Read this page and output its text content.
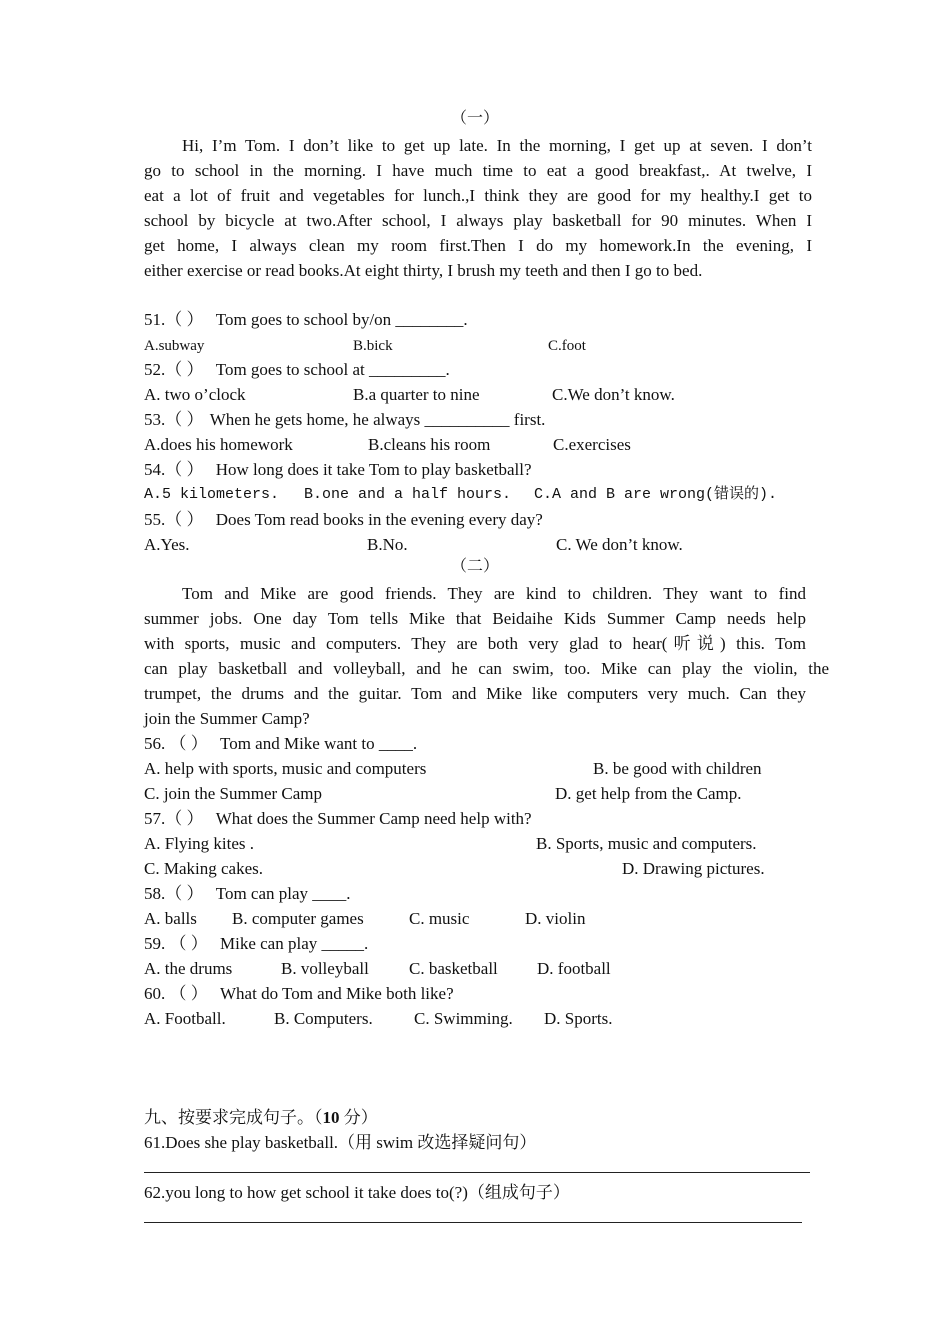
（一）
Hi, I’m Tom. I don’t like to get up late. In the morning, I get up at seven. I don’t
go to school in the morning. I have much time to eat a good breakfast,. At twelve, I
eat a lot of fruit and vegetables for lunch.,I think they are good for my healthy.I get to
school by bicycle at two.After school, I always play basketball for 90 minutes. When I
get home, I always clean my room first.Then I do my homework.In the evening, I
either exercise or read books.At eight thirty, I brush my teeth and then I go to bed.
51.（ ） Tom goes to school by/on ________.
A.subway	B.bick	C.foot
52.（ ） Tom goes to school at _________.
A. two o’clock	B.a quarter to nine	C.We don’t know.
53.（ ） When he gets home, he always __________ first.
A.does his homework	B.cleans his room	C.exercises
54.（ ） How long does it take Tom to play basketball?
A.5 kilometers. B.one and a half hours. C.A and B are wrong(错误的).
55.（ ） Does Tom read books in the evening every day?
A.Yes.	B.No.	C. We don’t know.
（二）
Tom and Mike are good friends. They are kind to children. They want to find
summer jobs. One day Tom tells Mike that Beidaihe Kids Summer Camp needs help
with sports, music and computers. They are both very glad to hear(听说) this. Tom
can play basketball and volleyball, and he can swim, too. Mike can play the violin, the
trumpet, the drums and the guitar. Tom and Mike like computers very much. Can they
join the Summer Camp?
56. （ ） Tom and Mike want to ____.
A. help with sports, music and computers	B. be good with children
C. join the Summer Camp	D. get help from the Camp.
57.（ ） What does the Summer Camp need help with?
A. Flying kites .	B. Sports, music and computers.
C. Making cakes.	D. Drawing pictures.
58.（ ） Tom can play ____.
A. balls B. computer games	C. music	D. violin
59. （ ） Mike can play _____.
A. the drums	B. volleyball C. basketball D. football
60. （ ） What do Tom and Mike both like?
A. Football.	B. Computers. C. Swimming. D. Sports.
九、按要求完成句子。（10 分）
61.Does she play basketball.（用 swim 改选择疑问句）
62.you long to how get school it take does to(?)（组成句子）
